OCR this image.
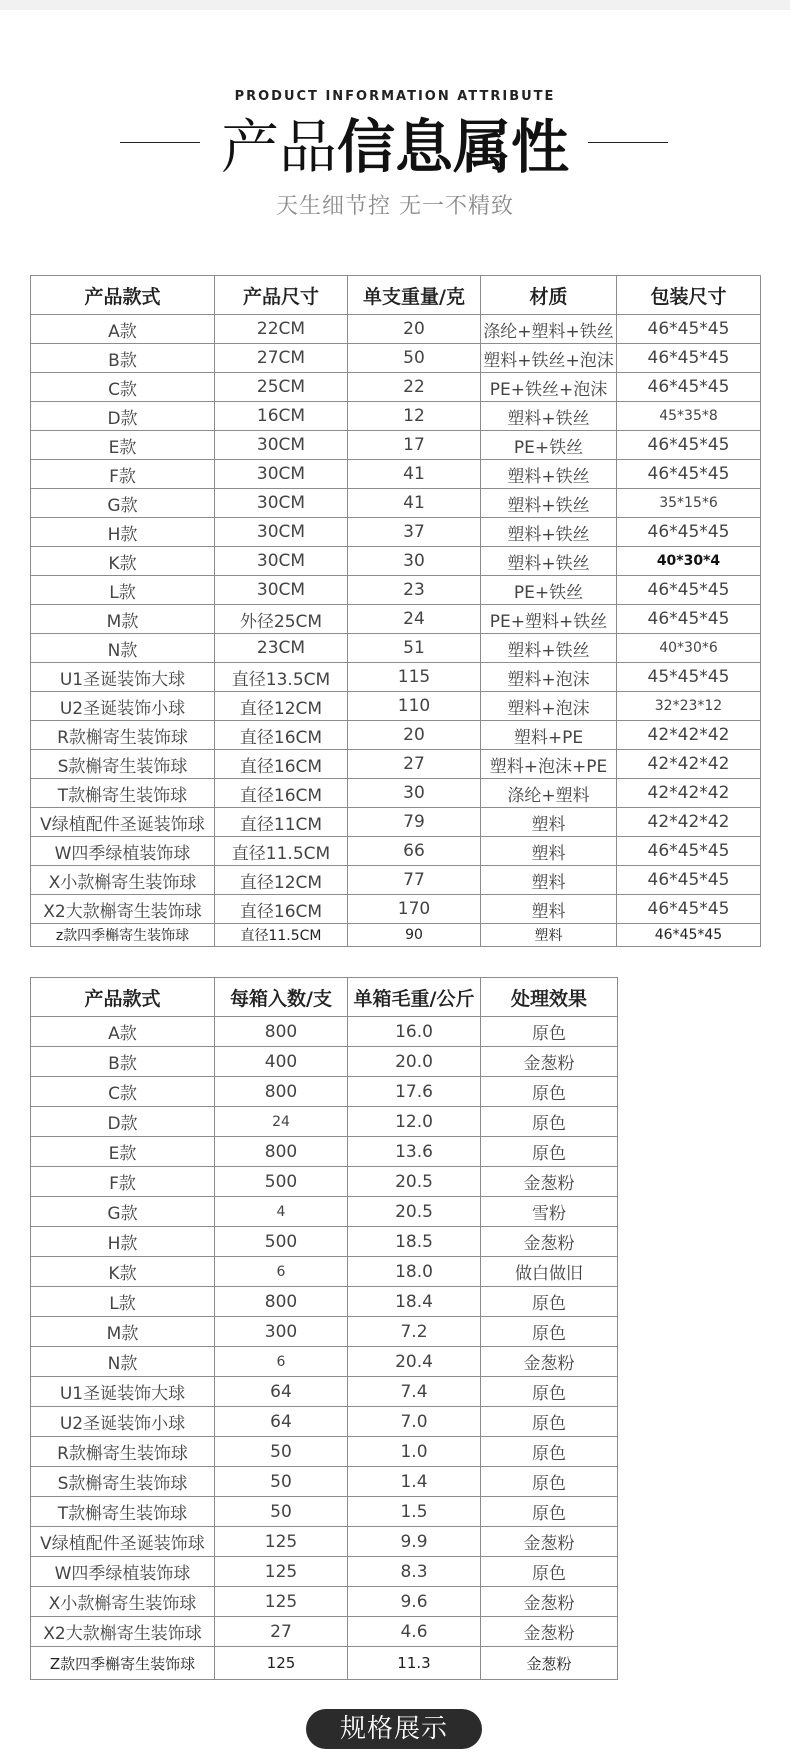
PRODUCT INFORMATION ATTRIBUTE
产品信息属性
天生细节控 无一不精致
产品款式	产品尺寸	单支重量/克	材质	包装尺寸
A款	22CM	20	涤纶+塑料+铁丝	46*45*45
B款	27CM	50	塑料+铁丝+泡沫	46*45*45
C款	25CM	22	PE+铁丝+泡沫	46*45*45
D款	16CM	12	塑料+铁丝	45*35*8
E款	30CM	17	PE+铁丝	46*45*45
F款	30CM	41	塑料+铁丝	46*45*45
G款	30CM	41	塑料+铁丝	35*15*6
H款	30CM	37	塑料+铁丝	46*45*45
K款	30CM	30	塑料+铁丝	40*30*4
L款	30CM	23	PE+铁丝	46*45*45
M款	外径25CM	24	PE+塑料+铁丝	46*45*45
N款	23CM	51	塑料+铁丝	40*30*6
U1圣诞装饰大球	直径13.5CM	115	塑料+泡沫	45*45*45
U2圣诞装饰小球	直径12CM	110	塑料+泡沫	32*23*12
R款槲寄生装饰球	直径16CM	20	塑料+PE	42*42*42
S款槲寄生装饰球	直径16CM	27	塑料+泡沫+PE	42*42*42
T款槲寄生装饰球	直径16CM	30	涤纶+塑料	42*42*42
V绿植配件圣诞装饰球	直径11CM	79	塑料	42*42*42
W四季绿植装饰球	直径11.5CM	66	塑料	46*45*45
X小款槲寄生装饰球	直径12CM	77	塑料	46*45*45
X2大款槲寄生装饰球	直径16CM	170	塑料	46*45*45
z款四季槲寄生装饰球	直径11.5CM	90	塑料	46*45*45
产品款式	每箱入数/支	单箱毛重/公斤	处理效果
A款	800	16.0	原色
B款	400	20.0	金葱粉
C款	800	17.6	原色
D款	24	12.0	原色
E款	800	13.6	原色
F款	500	20.5	金葱粉
G款	4	20.5	雪粉
H款	500	18.5	金葱粉
K款	6	18.0	做白做旧
L款	800	18.4	原色
M款	300	7.2	原色
N款	6	20.4	金葱粉
U1圣诞装饰大球	64	7.4	原色
U2圣诞装饰小球	64	7.0	原色
R款槲寄生装饰球	50	1.0	原色
S款槲寄生装饰球	50	1.4	原色
T款槲寄生装饰球	50	1.5	原色
V绿植配件圣诞装饰球	125	9.9	金葱粉
W四季绿植装饰球	125	8.3	原色
X小款槲寄生装饰球	125	9.6	金葱粉
X2大款槲寄生装饰球	27	4.6	金葱粉
Z款四季槲寄生装饰球	125	11.3	金葱粉
规格展示
